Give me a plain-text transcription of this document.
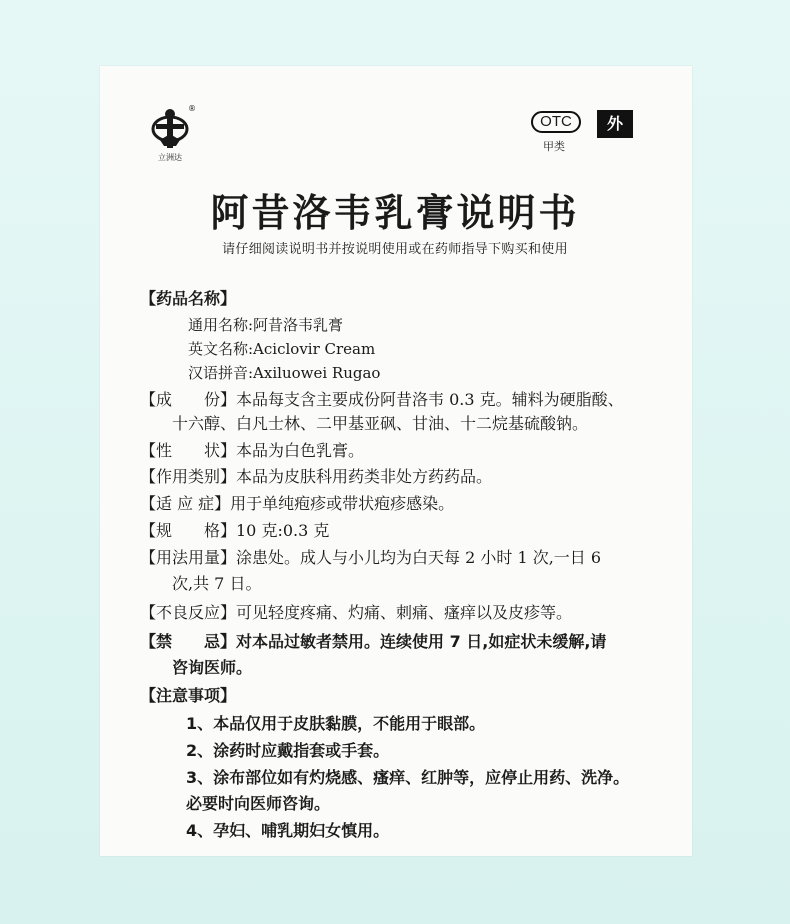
®
立洲达
OTC
甲类
外
阿昔洛韦乳膏说明书
请仔细阅读说明书并按说明使用或在药师指导下购买和使用
【药品名称】
通用名称:阿昔洛韦乳膏
英文名称:Aciclovir Cream
汉语拼音:Axiluowei Rugao
【成　　份】本品每支含主要成份阿昔洛韦 0.3 克。辅料为硬脂酸、
十六醇、白凡士林、二甲基亚砜、甘油、十二烷基硫酸钠。
【性　　状】本品为白色乳膏。
【作用类别】本品为皮肤科用药类非处方药药品。
【适 应 症】用于单纯疱疹或带状疱疹感染。
【规　　格】10 克:0.3 克
【用法用量】涂患处。成人与小儿均为白天每 2 小时 1 次,一日 6
次,共 7 日。
【不良反应】可见轻度疼痛、灼痛、刺痛、瘙痒以及皮疹等。
【禁　　忌】对本品过敏者禁用。连续使用 7 日,如症状未缓解,请
咨询医师。
【注意事项】
1、本品仅用于皮肤黏膜，不能用于眼部。
2、涂药时应戴指套或手套。
3、涂布部位如有灼烧感、瘙痒、红肿等，应停止用药、洗净。
必要时向医师咨询。
4、孕妇、哺乳期妇女慎用。
